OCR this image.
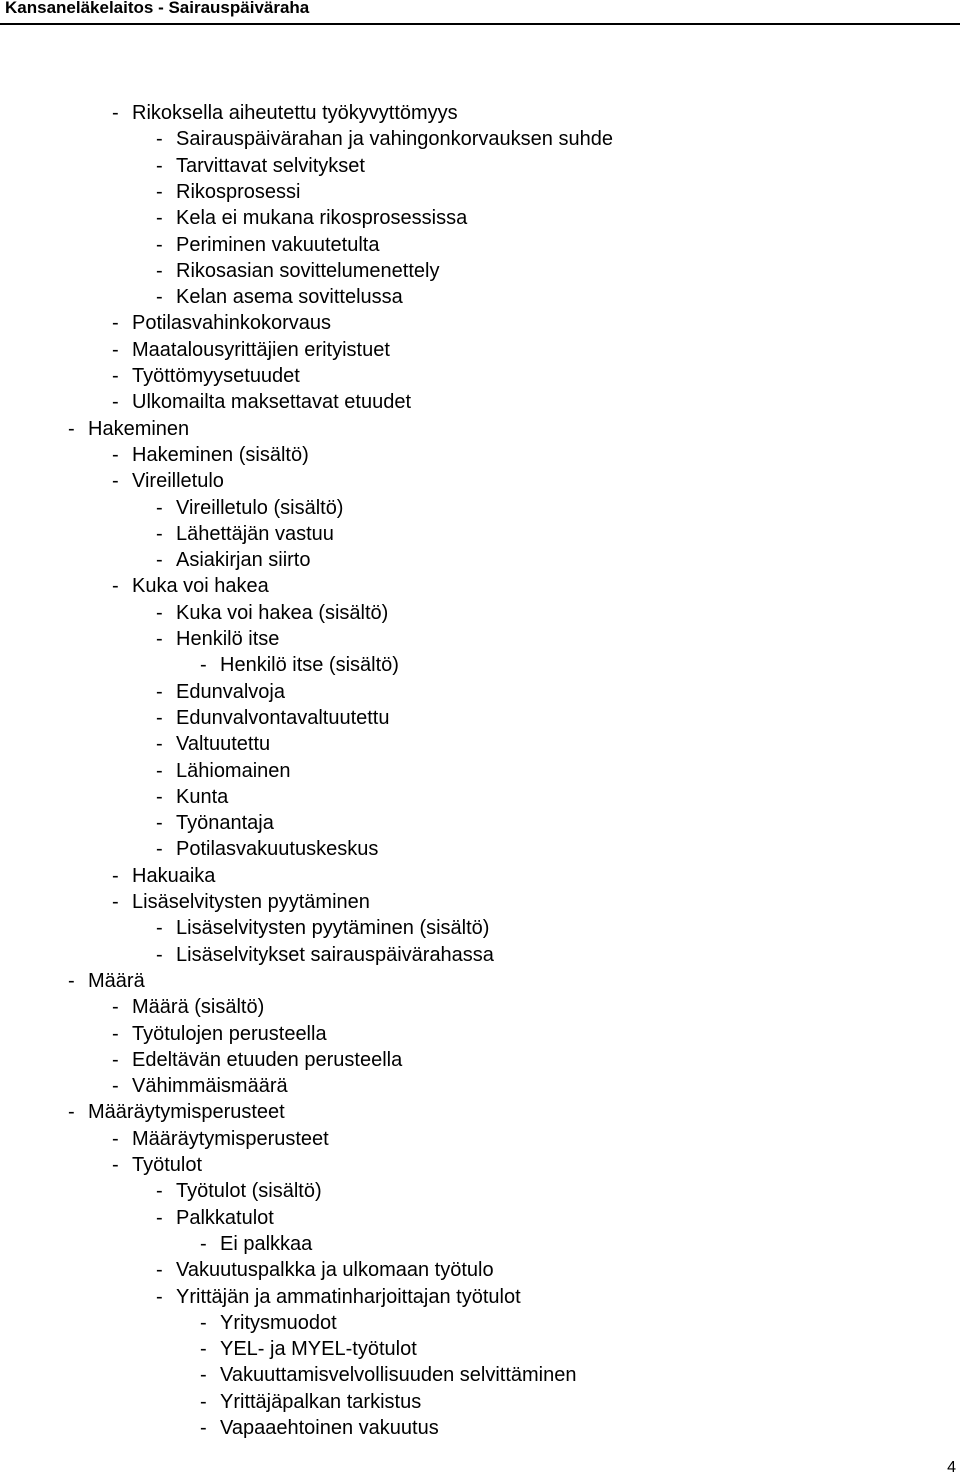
Kansaneläkelaitos - Sairauspäiväraha
- Rikoksella aiheutettu työkyvyttömyys
- Sairauspäivärahan ja vahingonkorvauksen suhde
- Tarvittavat selvitykset
- Rikosprosessi
- Kela ei mukana rikosprosessissa
- Periminen vakuutetulta
- Rikosasian sovittelumenettely
- Kelan asema sovittelussa
- Potilasvahinkokorvaus
- Maatalousyrittäjien erityistuet
- Työttömyysetuudet
- Ulkomailta maksettavat etuudet
- Hakeminen
- Hakeminen (sisältö)
- Vireilletulo
- Vireilletulo (sisältö)
- Lähettäjän vastuu
- Asiakirjan siirto
- Kuka voi hakea
- Kuka voi hakea (sisältö)
- Henkilö itse
- Henkilö itse (sisältö)
- Edunvalvoja
- Edunvalvontavaltuutettu
- Valtuutettu
- Lähiomainen
- Kunta
- Työnantaja
- Potilasvakuutuskeskus
- Hakuaika
- Lisäselvitysten pyytäminen
- Lisäselvitysten pyytäminen (sisältö)
- Lisäselvitykset sairauspäivärahassa
- Määrä
- Määrä (sisältö)
- Työtulojen perusteella
- Edeltävän etuuden perusteella
- Vähimmäismäärä
- Määräytymisperusteet
- Määräytymisperusteet
- Työtulot
- Työtulot (sisältö)
- Palkkatulot
- Ei palkkaa
- Vakuutuspalkka ja ulkomaan työtulo
- Yrittäjän ja ammatinharjoittajan työtulot
- Yritysmuodot
- YEL- ja MYEL-työtulot
- Vakuuttamisvelvollisuuden selvittäminen
- Yrittäjäpalkan tarkistus
- Vapaaehtoinen vakuutus
4
